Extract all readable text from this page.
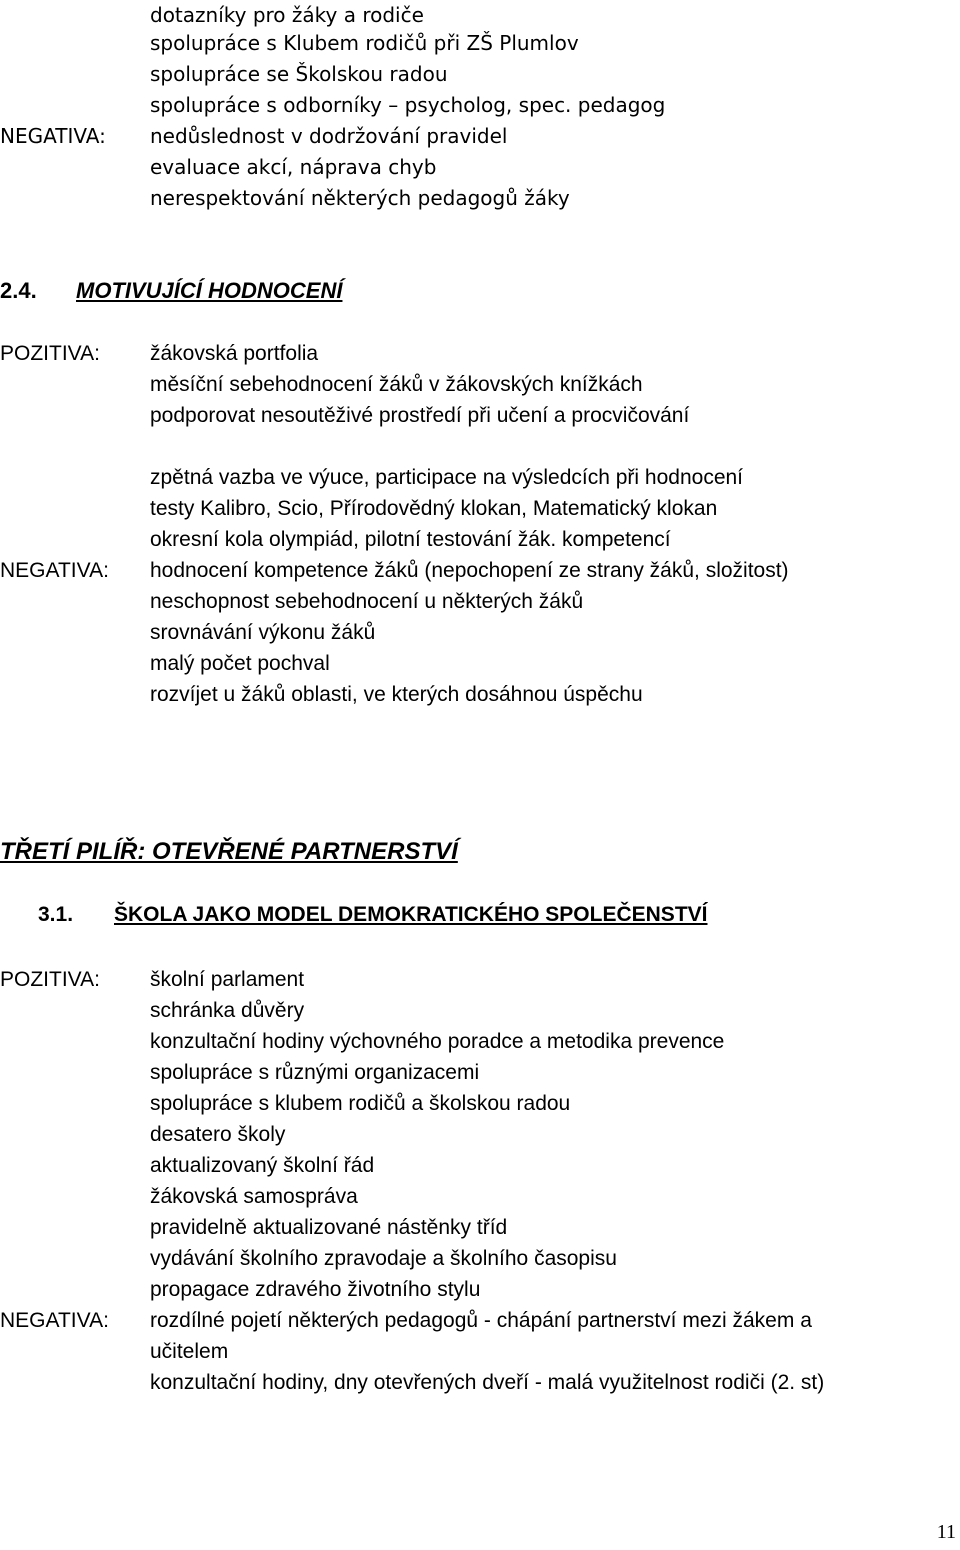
dotazníky pro žáky a rodiče
spolupráce s Klubem rodičů při ZŠ Plumlov
spolupráce se Školskou radou
spolupráce s odborníky – psycholog, spec. pedagog
NEGATIVA: nedůslednost v dodržování pravidel
evaluace akcí, náprava chyb
nerespektování některých pedagogů žáky
2.4. MOTIVUJÍCÍ HODNOCENÍ
POZITIVA: žákovská portfolia
měsíční sebehodnocení žáků v žákovských knížkách
podporovat nesoutěživé prostředí při učení a procvičování
zpětná vazba ve výuce, participace na výsledcích při hodnocení
testy Kalibro, Scio, Přírodovědný klokan, Matematický klokan
okresní kola olympiád, pilotní testování žák. kompetencí
NEGATIVA: hodnocení kompetence žáků (nepochopení ze strany žáků, složitost)
neschopnost sebehodnocení u některých žáků
srovnávání výkonu žáků
malý počet pochval
rozvíjet u žáků oblasti, ve kterých dosáhnou úspěchu
TŘETÍ PILÍŘ: OTEVŘENÉ PARTNERSTVÍ
3.1. ŠKOLA JAKO MODEL DEMOKRATICKÉHO SPOLEČENSTVÍ
POZITIVA: školní parlament
schránka důvěry
konzultační hodiny výchovného poradce a metodika prevence
spolupráce s různými organizacemi
spolupráce s klubem rodičů a školskou radou
desatero školy
aktualizovaný školní řád
žákovská samospráva
pravidelně aktualizované nástěnky tříd
vydávání školního zpravodaje a školního časopisu
propagace zdravého životního stylu
NEGATIVA: rozdílné pojetí některých pedagogů - chápání partnerství mezi žákem a
učitelem
konzultační hodiny, dny otevřených dveří - malá využitelnost rodiči (2. st)
11
